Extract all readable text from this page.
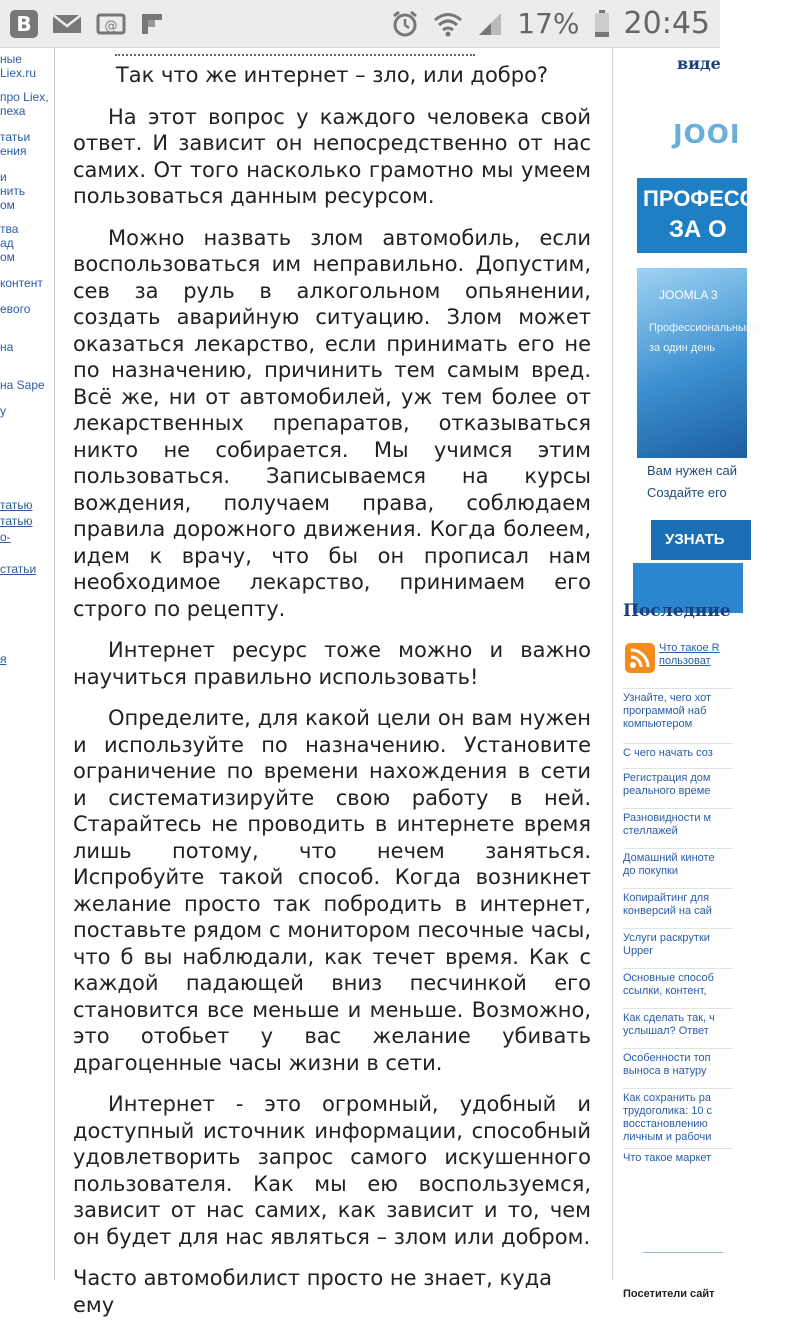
B	@	17% 20:45
ные
Liex.ru
про Liex,
пеха
татьи
ения
и
нить
ом
тва
ад
ом
контент
евого
на
на Sape
у
татью
татью
о-
статьи
я

Так что же интернет – зло, или добро?

На этот вопрос у каждого человека свой ответ. И зависит он непосредственно от нас самих. От того насколько грамотно мы умеем пользоваться данным ресурсом.

Можно назвать злом автомобиль, если воспользоваться им неправильно. Допустим, сев за руль в алкогольном опьянении, создать аварийную ситуацию. Злом может оказаться лекарство, если принимать его не по назначению, причинить тем самым вред. Всё же, ни от автомобилей, уж тем более от лекарственных препаратов, отказываться никто не собирается. Мы учимся этим пользоваться. Записываемся на курсы вождения, получаем права, соблюдаем правила дорожного движения. Когда болеем, идем к врачу, что бы он прописал нам необходимое лекарство, принимаем его строго по рецепту.

Интернет ресурс тоже можно и важно научиться правильно использовать!

Определите, для какой цели он вам нужен и используйте по назначению. Установите ограничение по времени нахождения в сети и систематизируйте свою работу в ней. Старайтесь не проводить в интернете время лишь потому, что нечем заняться. Испробуйте такой способ. Когда возникнет желание просто так побродить в интернет, поставьте рядом с монитором песочные часы, что б вы наблюдали, как течет время. Как с каждой падающей вниз песчинкой его становится все меньше и меньше. Возможно, это отобьет у вас желание убивать драгоценные часы жизни в сети.

Интернет - это огромный, удобный и доступный источник информации, способный удовлетворить запрос самого искушенного пользователя. Как мы ею воспользуемся, зависит от нас самих, как зависит и то, чем он будет для нас являться – злом или добром.

Часто автомобилист просто не знает, куда ему

виде
JOOI
ПРОФЕССИО
ЗА О
JOOMLA 3
Профессиональный с
за один день
Вам нужен сай
Создайте его
УЗНАТЬ
Последние
Что такое R
пользоват
Узнайте, чего хот
программой наб
компьютером
С чего начать соз
Регистрация дом
реального време
Разновидности м
стеллажей
Домашний киноте
до покупки
Копирайтинг для
конверсий на сай
Услуги раскрутки
Upper
Основные способ
ссылки, контент,
Как сделать так, ч
услышал? Ответ
Особенности топ
выноса в натуру
Как сохранить ра
трудоголика: 10 с
восстановлению
личным и рабочи
Что такое маркет
Посетители сайт
